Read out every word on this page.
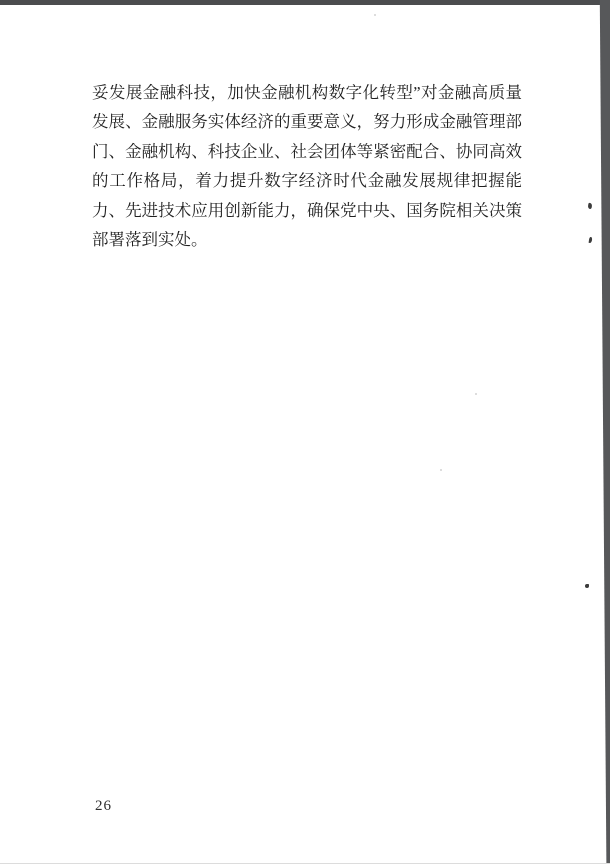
妥发展金融科技，加快金融机构数字化转型”对金融高质量
发展、金融服务实体经济的重要意义，努力形成金融管理部
门、金融机构、科技企业、社会团体等紧密配合、协同高效
的工作格局，着力提升数字经济时代金融发展规律把握能
力、先进技术应用创新能力，确保党中央、国务院相关决策
部署落到实处。
26
